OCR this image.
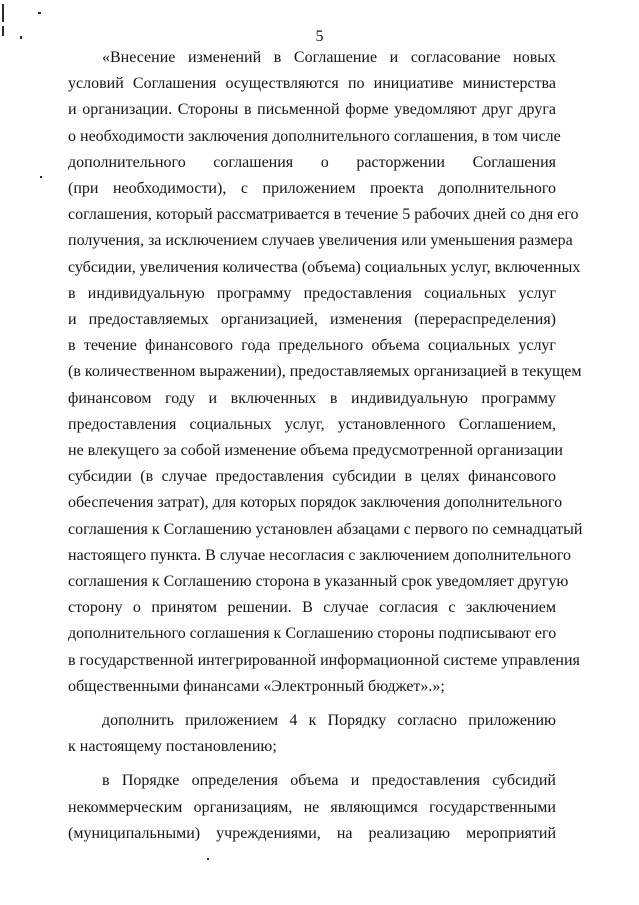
5
«Внесение изменений в Соглашение и согласование новых
условий Соглашения осуществляются по инициативе министерства
и организации. Стороны в письменной форме уведомляют друг друга
о необходимости заключения дополнительного соглашения, в том числе
дополнительного соглашения о расторжении Соглашения
(при необходимости), с приложением проекта дополнительного
соглашения, который рассматривается в течение 5 рабочих дней со дня его
получения, за исключением случаев увеличения или уменьшения размера
субсидии, увеличения количества (объема) социальных услуг, включенных
в индивидуальную программу предоставления социальных услуг
и предоставляемых организацией, изменения (перераспределения)
в течение финансового года предельного объема социальных услуг
(в количественном выражении), предоставляемых организацией в текущем
финансовом году и включенных в индивидуальную программу
предоставления социальных услуг, установленного Соглашением,
не влекущего за собой изменение объема предусмотренной организации
субсидии (в случае предоставления субсидии в целях финансового
обеспечения затрат), для которых порядок заключения дополнительного
соглашения к Соглашению установлен абзацами с первого по семнадцатый
настоящего пункта. В случае несогласия с заключением дополнительного
соглашения к Соглашению сторона в указанный срок уведомляет другую
сторону о принятом решении. В случае согласия с заключением
дополнительного соглашения к Соглашению стороны подписывают его
в государственной интегрированной информационной системе управления
общественными финансами «Электронный бюджет».»;
дополнить приложением 4 к Порядку согласно приложению
к настоящему постановлению;
в Порядке определения объема и предоставления субсидий
некоммерческим организациям, не являющимся государственными
(муниципальными) учреждениями, на реализацию мероприятий
